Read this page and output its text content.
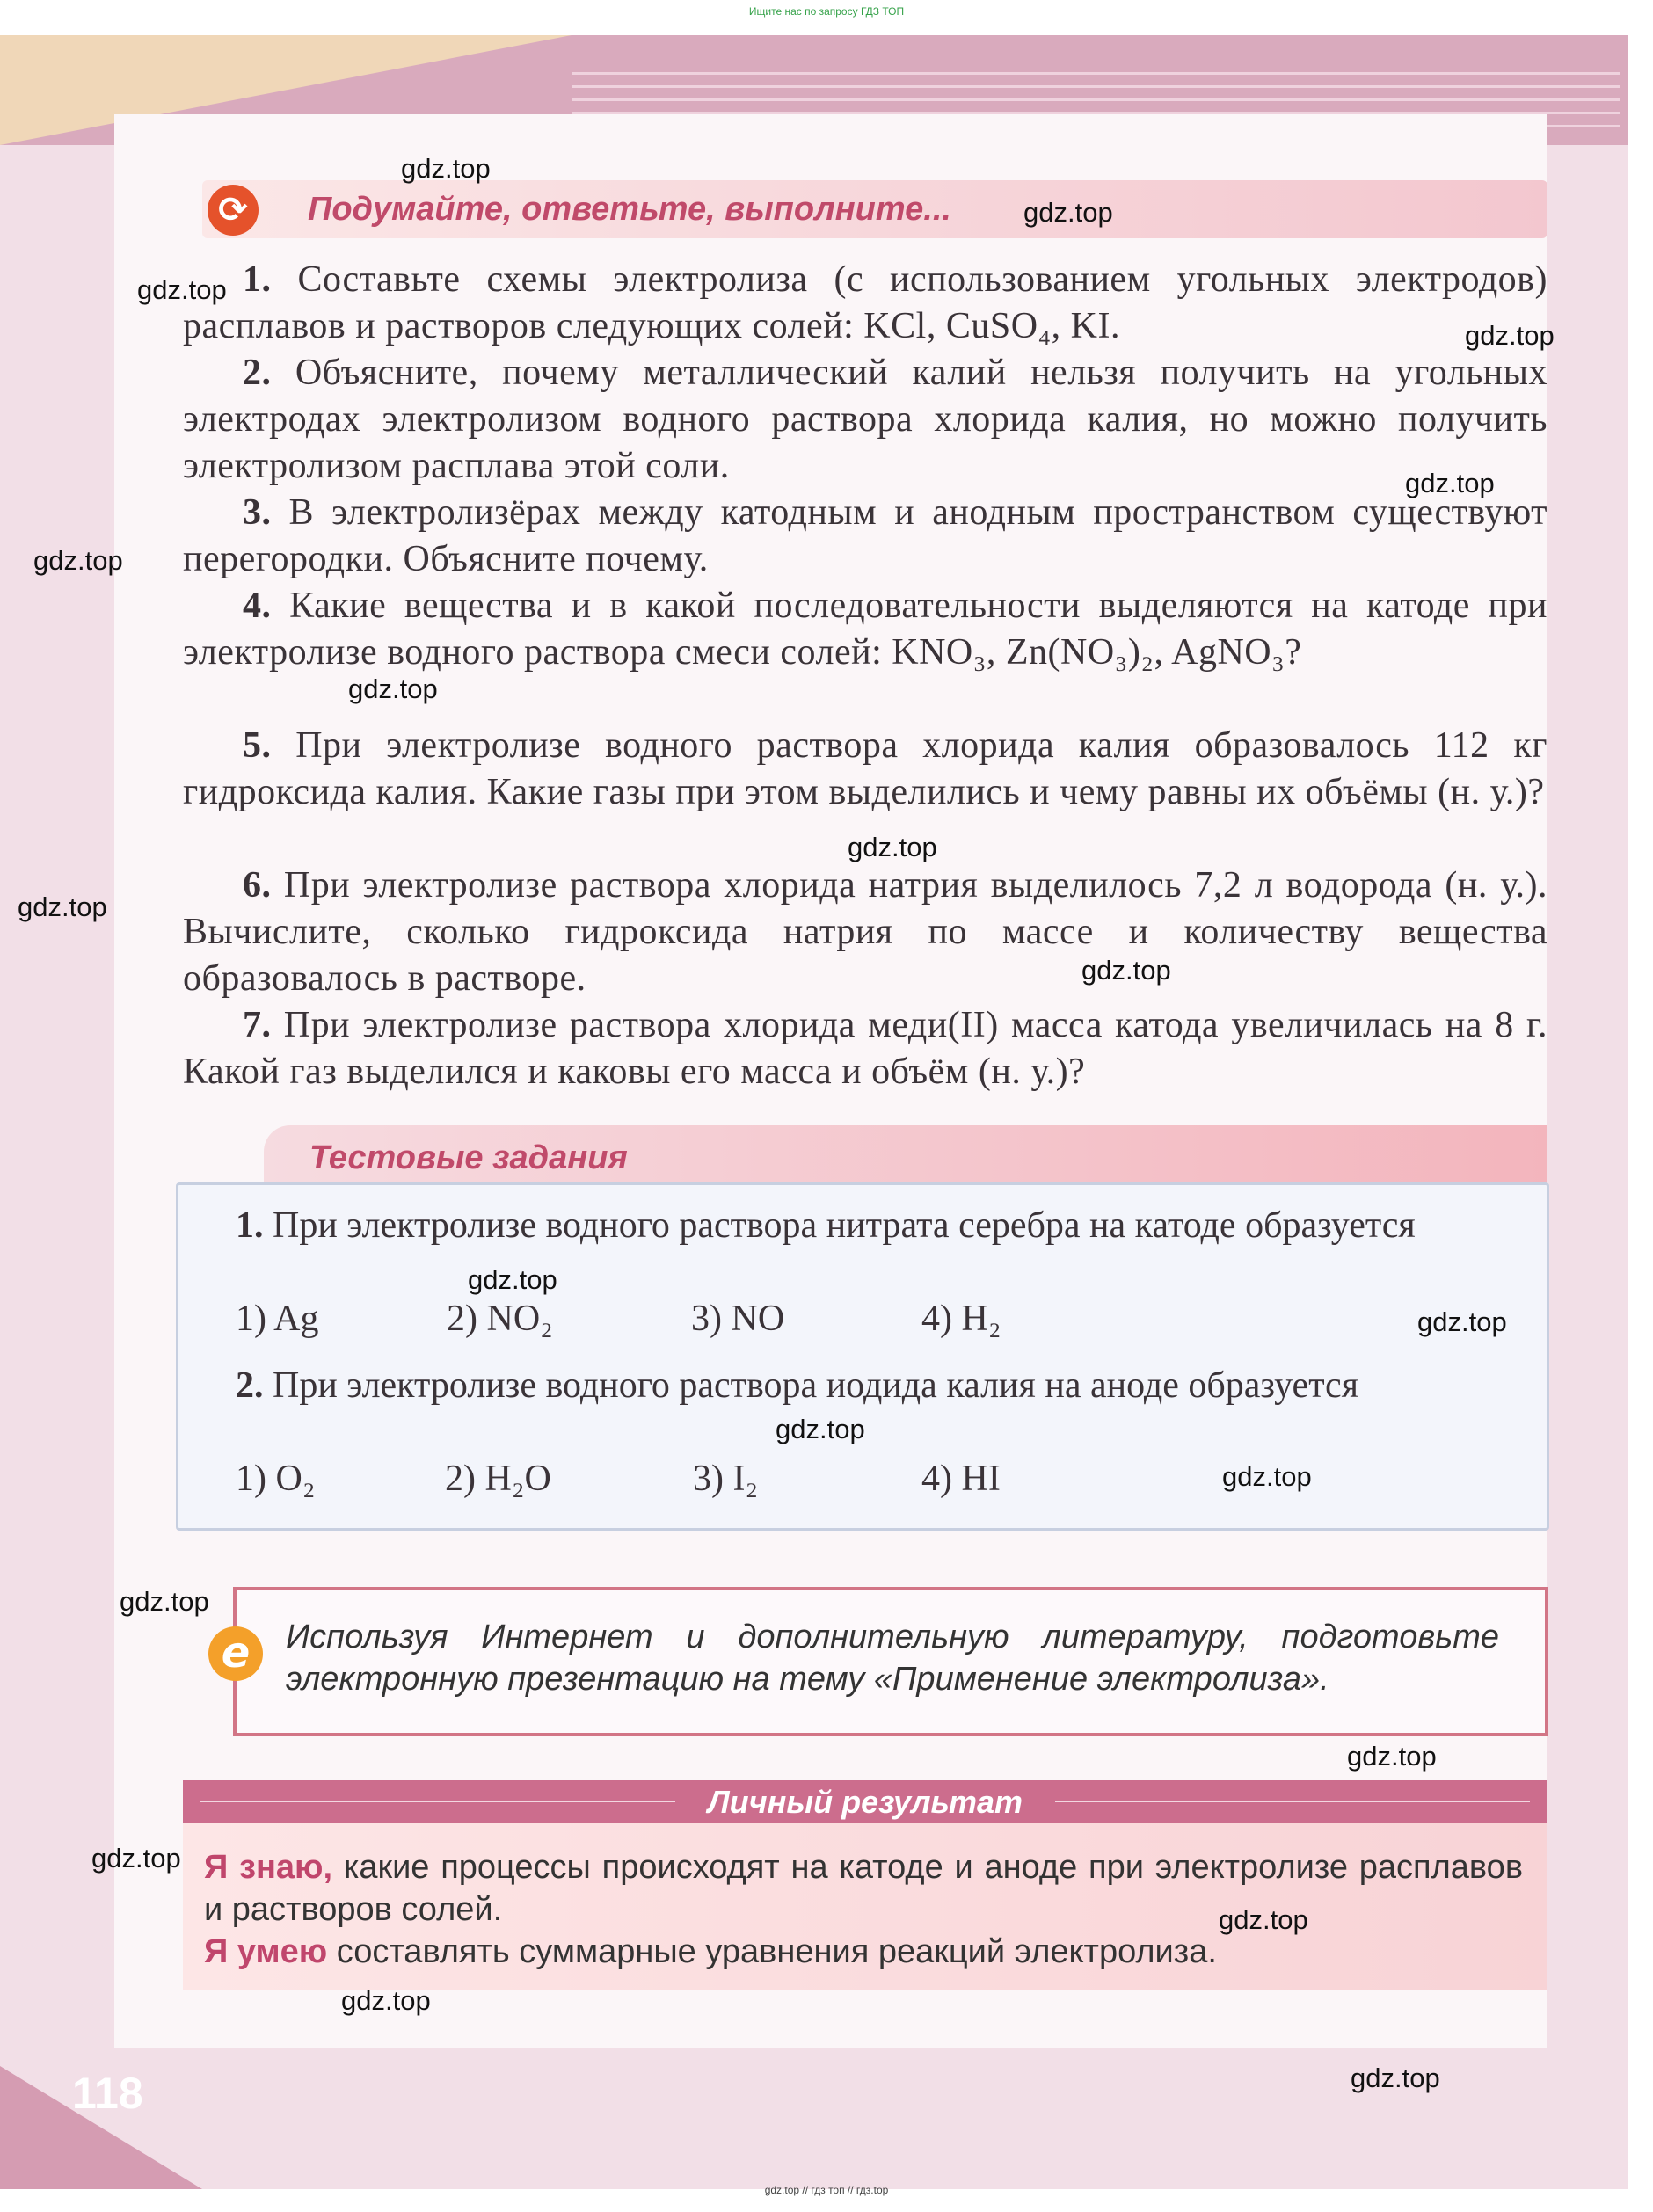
Ищите нас по запросу ГДЗ ТОП
Подумайте, ответьте, выполните...
⟳
1. Составьте схемы электролиза (с использованием угольных электродов) расплавов и растворов следующих солей: KCl, CuSO₄, KI.
2. Объясните, почему металлический калий нельзя получить на угольных электродах электролизом водного раствора хлорида калия, но можно получить электролизом расплава этой соли.
3. В электролизёрах между катодным и анодным пространством существуют перегородки. Объясните почему.
4. Какие вещества и в какой последовательности выделяются на катоде при электролизе водного раствора смеси солей: KNO₃, Zn(NO₃)₂, AgNO₃?
5. При электролизе водного раствора хлорида калия образовалось 112 кг гидроксида калия. Какие газы при этом выделились и чему равны их объёмы (н. у.)?
6. При электролизе раствора хлорида натрия выделилось 7,2 л водорода (н. у.). Вычислите, сколько гидроксида натрия по массе и количеству вещества образовалось в растворе.
7. При электролизе раствора хлорида меди(II) масса катода увеличилась на 8 г. Какой газ выделился и каковы его масса и объём (н. у.)?
Тестовые задания
1. При электролизе водного раствора нитрата серебра на катоде образуется
1) Ag	2) NO₂	3) NO	4) H₂
2. При электролизе водного раствора иодида калия на аноде образуется
1) O₂	2) H₂O	3) I₂	4) HI
e	Используя Интернет и дополнительную литературу, подготовьте электронную презентацию на тему «Применение электролиза».
Личный результат
Я знаю, какие процессы происходят на катоде и аноде при электролизе расплавов и растворов солей.
Я умею составлять суммарные уравнения реакций электролиза.
118
gdz.top
gdz.top
gdz.top
gdz.top
gdz.top
gdz.top
gdz.top
gdz.top
gdz.top
gdz.top
gdz.top
gdz.top
gdz.top
gdz.top
gdz.top
gdz.top
gdz.top
gdz.top
gdz.top
gdz.top
gdz.top // гдз топ // гдз.top
